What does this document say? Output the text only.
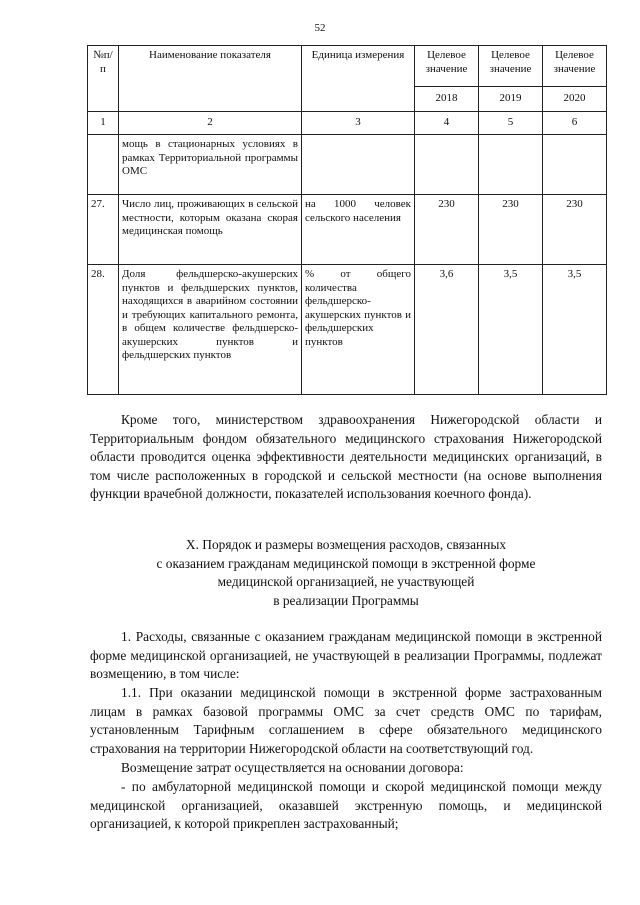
52
№п/п	Наименование показателя	Единица измерения	Целевое значение	Целевое значение	Целевое значение
			2018	2019	2020
1	2	3	4	5	6
	мощь в стационарных условиях в рамках Территориальной программы ОМС				
27.	Число лиц, проживающих в сельской местности, которым оказана скорая медицинская помощь	на 1000 человек сельского населения	230	230	230
28.	Доля фельдшерско-акушерских пунктов и фельдшерских пунктов, находящихся в аварийном состоянии и требующих капитального ремонта, в общем количестве фельдшерско-акушерских пунктов и фельдшерских пунктов	% от общего количества фельдшерско-акушерских пунктов и фельдшерских пунктов	3,6	3,5	3,5
Кроме того, министерством здравоохранения Нижегородской области и Территориальным фондом обязательного медицинского страхования Нижегородской области проводится оценка эффективности деятельности медицинских организаций, в том числе расположенных в городской и сельской местности (на основе выполнения функции врачебной должности, показателей использования коечного фонда).
X. Порядок и размеры возмещения расходов, связанных
с оказанием гражданам медицинской помощи в экстренной форме
медицинской организацией, не участвующей
в реализации Программы
1. Расходы, связанные с оказанием гражданам медицинской помощи в экстренной форме медицинской организацией, не участвующей в реализации Программы, подлежат возмещению, в том числе:
1.1. При оказании медицинской помощи в экстренной форме застрахованным лицам в рамках базовой программы ОМС за счет средств ОМС по тарифам, установленным Тарифным соглашением в сфере обязательного медицинского страхования на территории Нижегородской области на соответствующий год.
Возмещение затрат осуществляется на основании договора:
- по амбулаторной медицинской помощи и скорой медицинской помощи между медицинской организацией, оказавшей экстренную помощь, и медицинской организацией, к которой прикреплен застрахованный;
